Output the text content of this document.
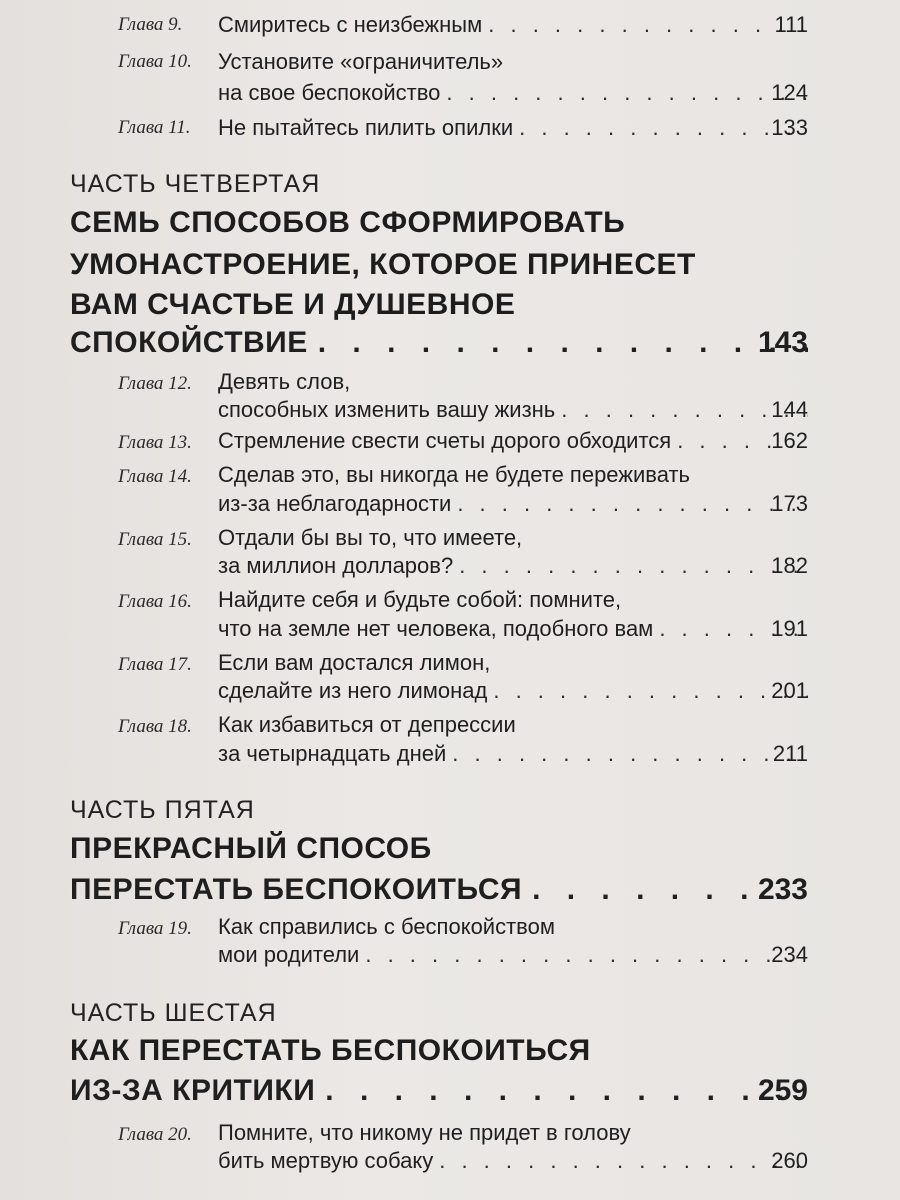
Глава 9.	Смиритесь с неизбежным . . .	111
Глава 10.	Установите «ограничитель»
на свое беспокойство . . .	124
Глава 11.	Не пытайтесь пилить опилки . . .	133
ЧАСТЬ ЧЕТВЕРТАЯ
СЕМЬ СПОСОБОВ СФОРМИРОВАТЬ
УМОНАСТРОЕНИЕ, КОТОРОЕ ПРИНЕСЕТ
ВАМ СЧАСТЬЕ И ДУШЕВНОЕ
СПОКОЙСТВИЕ . . .	143
Глава 12.	Девять слов,
способных изменить вашу жизнь . . .	144
Глава 13.	Стремление свести счеты дорого обходится . . .	162
Глава 14.	Сделав это, вы никогда не будете переживать
из-за неблагодарности . . .	173
Глава 15.	Отдали бы вы то, что имеете,
за миллион долларов? . . .	182
Глава 16.	Найдите себя и будьте собой: помните,
что на земле нет человека, подобного вам . . .	191
Глава 17.	Если вам достался лимон,
сделайте из него лимонад . . .	201
Глава 18.	Как избавиться от депрессии
за четырнадцать дней . . .	211
ЧАСТЬ ПЯТАЯ
ПРЕКРАСНЫЙ СПОСОБ
ПЕРЕСТАТЬ БЕСПОКОИТЬСЯ . . .	233
Глава 19.	Как справились с беспокойством
мои родители . . .	234
ЧАСТЬ ШЕСТАЯ
КАК ПЕРЕСТАТЬ БЕСПОКОИТЬСЯ
ИЗ-ЗА КРИТИКИ . . .	259
Глава 20.	Помните, что никому не придет в голову
бить мертвую собаку . . .	260
